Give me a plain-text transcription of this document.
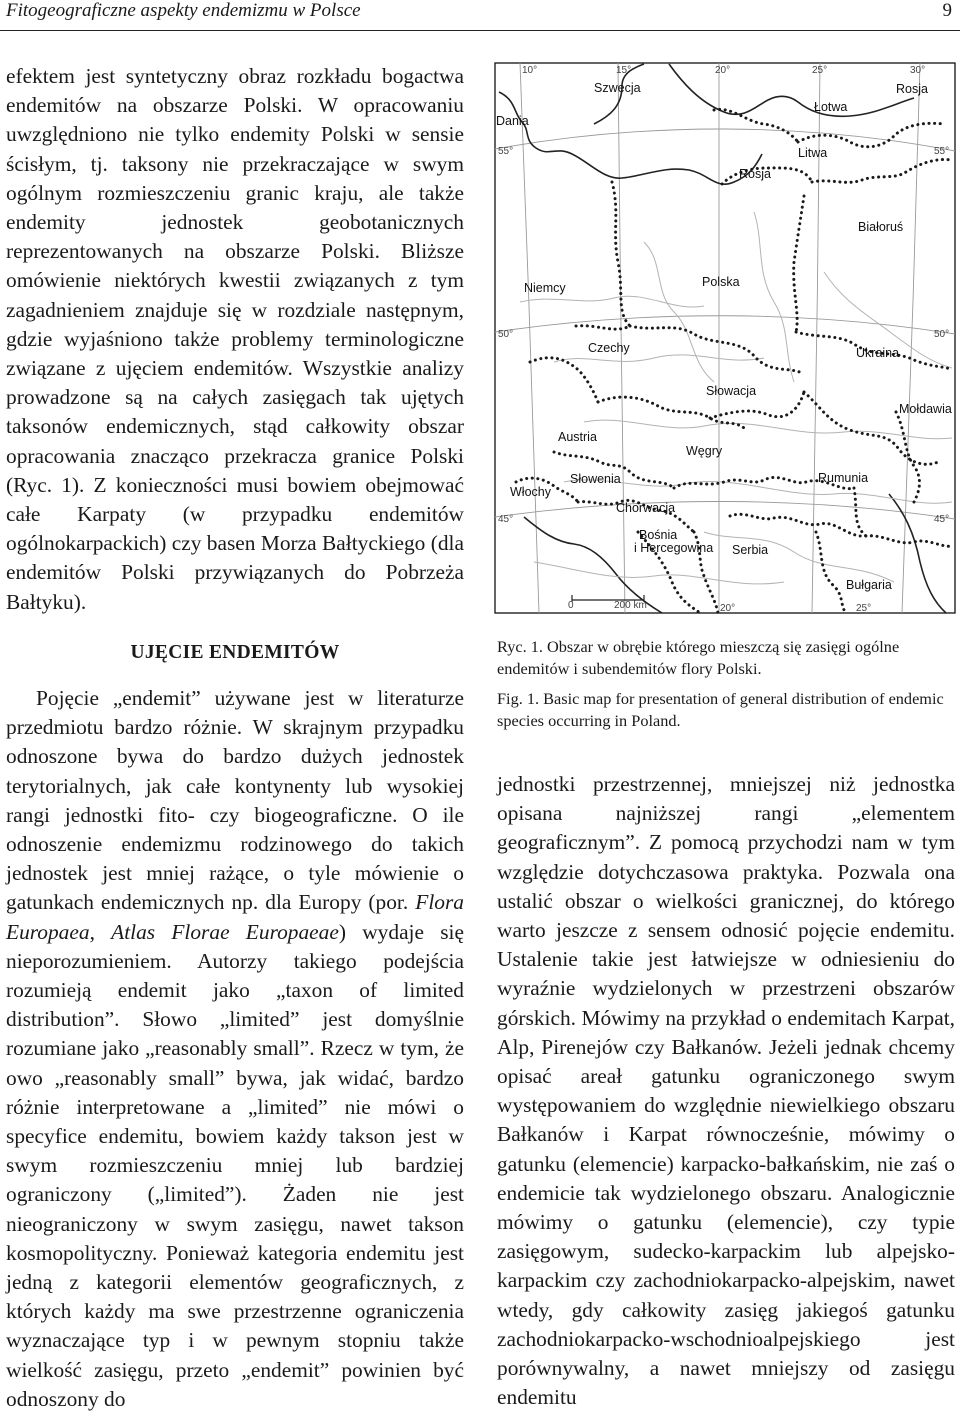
Fitogeograficzne aspekty endemizmu w Polsce	9

efektem jest syntetyczny obraz rozkładu bogactwa endemitów na obszarze Polski. W opracowaniu uwzględniono nie tylko endemity Polski w sensie ścisłym, tj. taksony nie przekraczające w swym ogólnym rozmieszczeniu granic kraju, ale także endemity jednostek geobotanicznych reprezentowanych na obszarze Polski. Bliższe omówienie niektórych kwestii związanych z tym zagadnieniem znajduje się w rozdziale następnym, gdzie wyjaśniono także problemy terminologiczne związane z ujęciem endemitów. Wszystkie analizy prowadzone są na całych zasięgach tak ujętych taksonów endemicznych, stąd całkowity obszar opracowania znacząco przekracza granice Polski (Ryc. 1). Z konieczności musi bowiem obejmować całe Karpaty (w przypadku endemitów ogólnokarpackich) czy basen Morza Bałtyckiego (dla endemitów Polski przywiązanych do Pobrzeża Bałtyku).

UJĘCIE ENDEMITÓW

Pojęcie „endemit” używane jest w literaturze przedmiotu bardzo różnie. W skrajnym przypadku odnoszone bywa do bardzo dużych jednostek terytorialnych, jak całe kontynenty lub wysokiej rangi jednostki fito- czy biogeograficzne. O ile odnoszenie endemizmu rodzinowego do takich jednostek jest mniej rażące, o tyle mówienie o gatunkach endemicznych np. dla Europy (por. Flora Europaea, Atlas Florae Europaeae) wydaje się nieporozumieniem. Autorzy takiego podejścia rozumieją endemit jako „taxon of limited distribution”. Słowo „limited” jest domyślnie rozumiane jako „reasonably small”. Rzecz w tym, że owo „reasonably small” bywa, jak widać, bardzo różnie interpretowane a „limited” nie mówi o specyfice endemitu, bowiem każdy takson jest w swym rozmieszczeniu mniej lub bardziej ograniczony („limited”). Żaden nie jest nieograniczony w swym zasięgu, nawet takson kosmopolityczny. Ponieważ kategoria endemitu jest jedną z kategorii elementów geograficznych, z których każdy ma swe przestrzenne ograniczenia wyznaczające typ i w pewnym stopniu także wielkość zasięgu, przeto „endemit” powinien być odnoszony do

Dania
Szwecja
Łotwa
Rosja
Litwa
Rosja
Białoruś
Niemcy	Polska
Czechy	Ukraina
Słowacja
Mołdawia
Austria
Węgry
Słowenia	Rumunia
Włochy
Chorwacja
Bośnia
i Hercegowina Serbia
Bułgaria
10°	15°	20°	25°	30°
20°	25°
55°
50°
45°
55°
50°
45°
0	200 km
Ryc. 1. Obszar w obrębie którego mieszczą się zasięgi ogólne endemitów i subendemitów flory Polski.
Fig. 1. Basic map for presentation of general distribution of endemic species occurring in Poland.

jednostki przestrzennej, mniejszej niż jednostka opisana najniższej rangi „elementem geograficznym”. Z pomocą przychodzi nam w tym względzie dotychczasowa praktyka. Pozwala ona ustalić obszar o wielkości granicznej, do którego warto jeszcze z sensem odnosić pojęcie endemitu. Ustalenie takie jest łatwiejsze w odniesieniu do wyraźnie wydzielonych w przestrzeni obszarów górskich. Mówimy na przykład o endemitach Karpat, Alp, Pirenejów czy Bałkanów. Jeżeli jednak chcemy opisać areał gatunku ograniczonego swym występowaniem do względnie niewielkiego obszaru Bałkanów i Karpat równocześnie, mówimy o gatunku (elemencie) karpacko-bałkańskim, nie zaś o endemicie tak wydzielonego obszaru. Analogicznie mówimy o gatunku (elemencie), czy typie zasięgowym, sudecko-karpackim lub alpejsko-karpackim czy zachodniokarpacko-alpejskim, nawet wtedy, gdy całkowity zasięg jakiegoś gatunku zachodniokarpacko-wschodnioalpejskiego jest porównywalny, a nawet mniejszy od zasięgu endemitu
